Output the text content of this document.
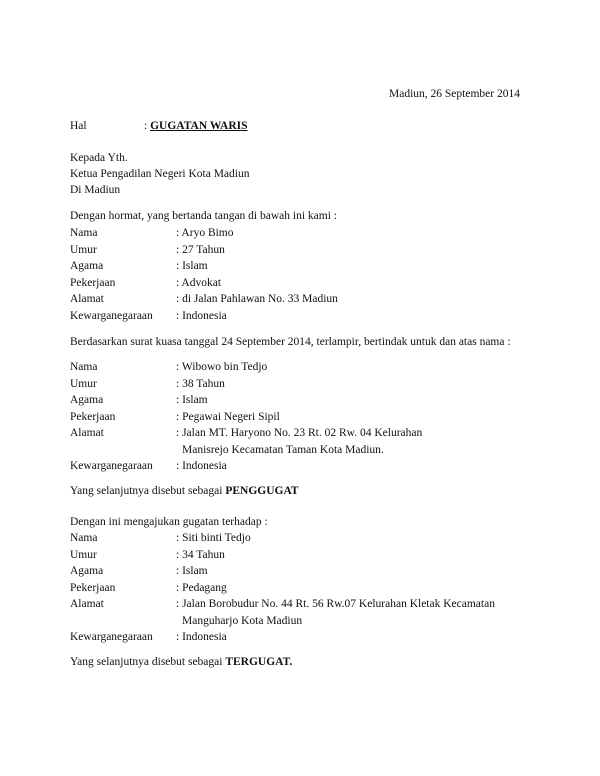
Madiun, 26 September 2014
Hal	: GUGATAN WARIS
Kepada Yth.
Ketua Pengadilan Negeri Kota Madiun
Di Madiun
Dengan hormat, yang bertanda tangan di bawah ini kami :
Nama	: Aryo Bimo
Umur	: 27 Tahun
Agama	: Islam
Pekerjaan	: Advokat
Alamat	: di Jalan Pahlawan No. 33 Madiun
Kewarganegaraan : Indonesia
Berdasarkan surat kuasa tanggal 24 September 2014, terlampir, bertindak untuk dan atas nama :
Nama	: Wibowo bin Tedjo
Umur	: 38 Tahun
Agama	: Islam
Pekerjaan	: Pegawai Negeri Sipil
Alamat	: Jalan MT. Haryono No. 23 Rt. 02 Rw. 04 Kelurahan
Manisrejo Kecamatan Taman Kota Madiun.
Kewarganegaraan : Indonesia
Yang selanjutnya disebut sebagai PENGGUGAT
Dengan ini mengajukan gugatan terhadap :
Nama	: Siti binti Tedjo
Umur	: 34 Tahun
Agama	: Islam
Pekerjaan	: Pedagang
Alamat	: Jalan Borobudur No. 44 Rt. 56 Rw.07 Kelurahan Kletak Kecamatan
Manguharjo Kota Madiun
Kewarganegaraan : Indonesia
Yang selanjutnya disebut sebagai TERGUGAT.
